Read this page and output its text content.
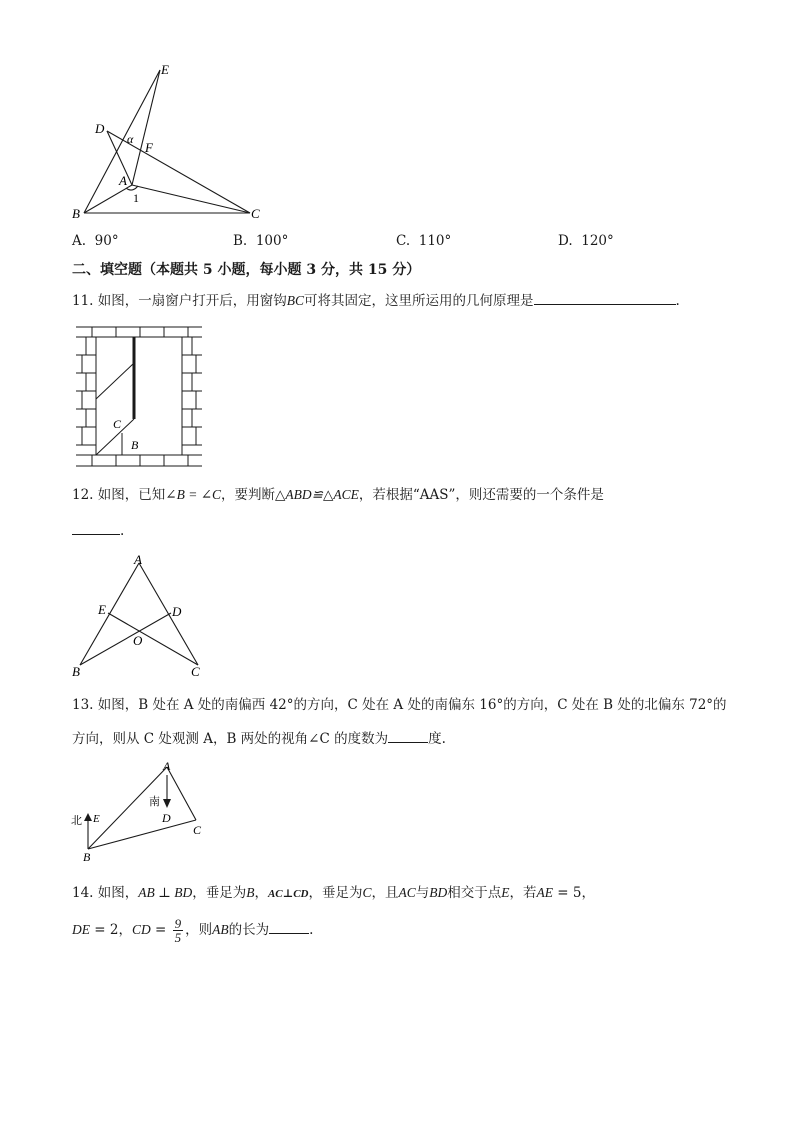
E
D
α
F
A
1
B	C
A. 90°	B. 100°	C. 110°	D. 120°
二、填空题（本题共 5 小题，每小题 3 分，共 15 分）
11. 如图，一扇窗户打开后，用窗钩BC可将其固定，这里所运用的几何原理是	.
C
B
12. 如图，已知∠B = ∠C，要判断△ABD≌△ACE，若根据“AAS”，则还需要的一个条件是
.
A
E	D
O
B	C
13. 如图，B 处在 A 处的南偏西 42°的方向，C 处在 A 处的南偏东 16°的方向，C 处在 B 处的北偏东 72°的
方向，则从 C 处观测 A，B 两处的视角∠C 的度数为	度.
A
南
D
C
北 E
B
14. 如图，AB ⊥ BD，垂足为B，AC⊥CD，垂足为C，且AC与BD相交于点E，若AE = 5，
DE = 2，CD = $\frac{9}{5}$ ，则AB的长为	.
